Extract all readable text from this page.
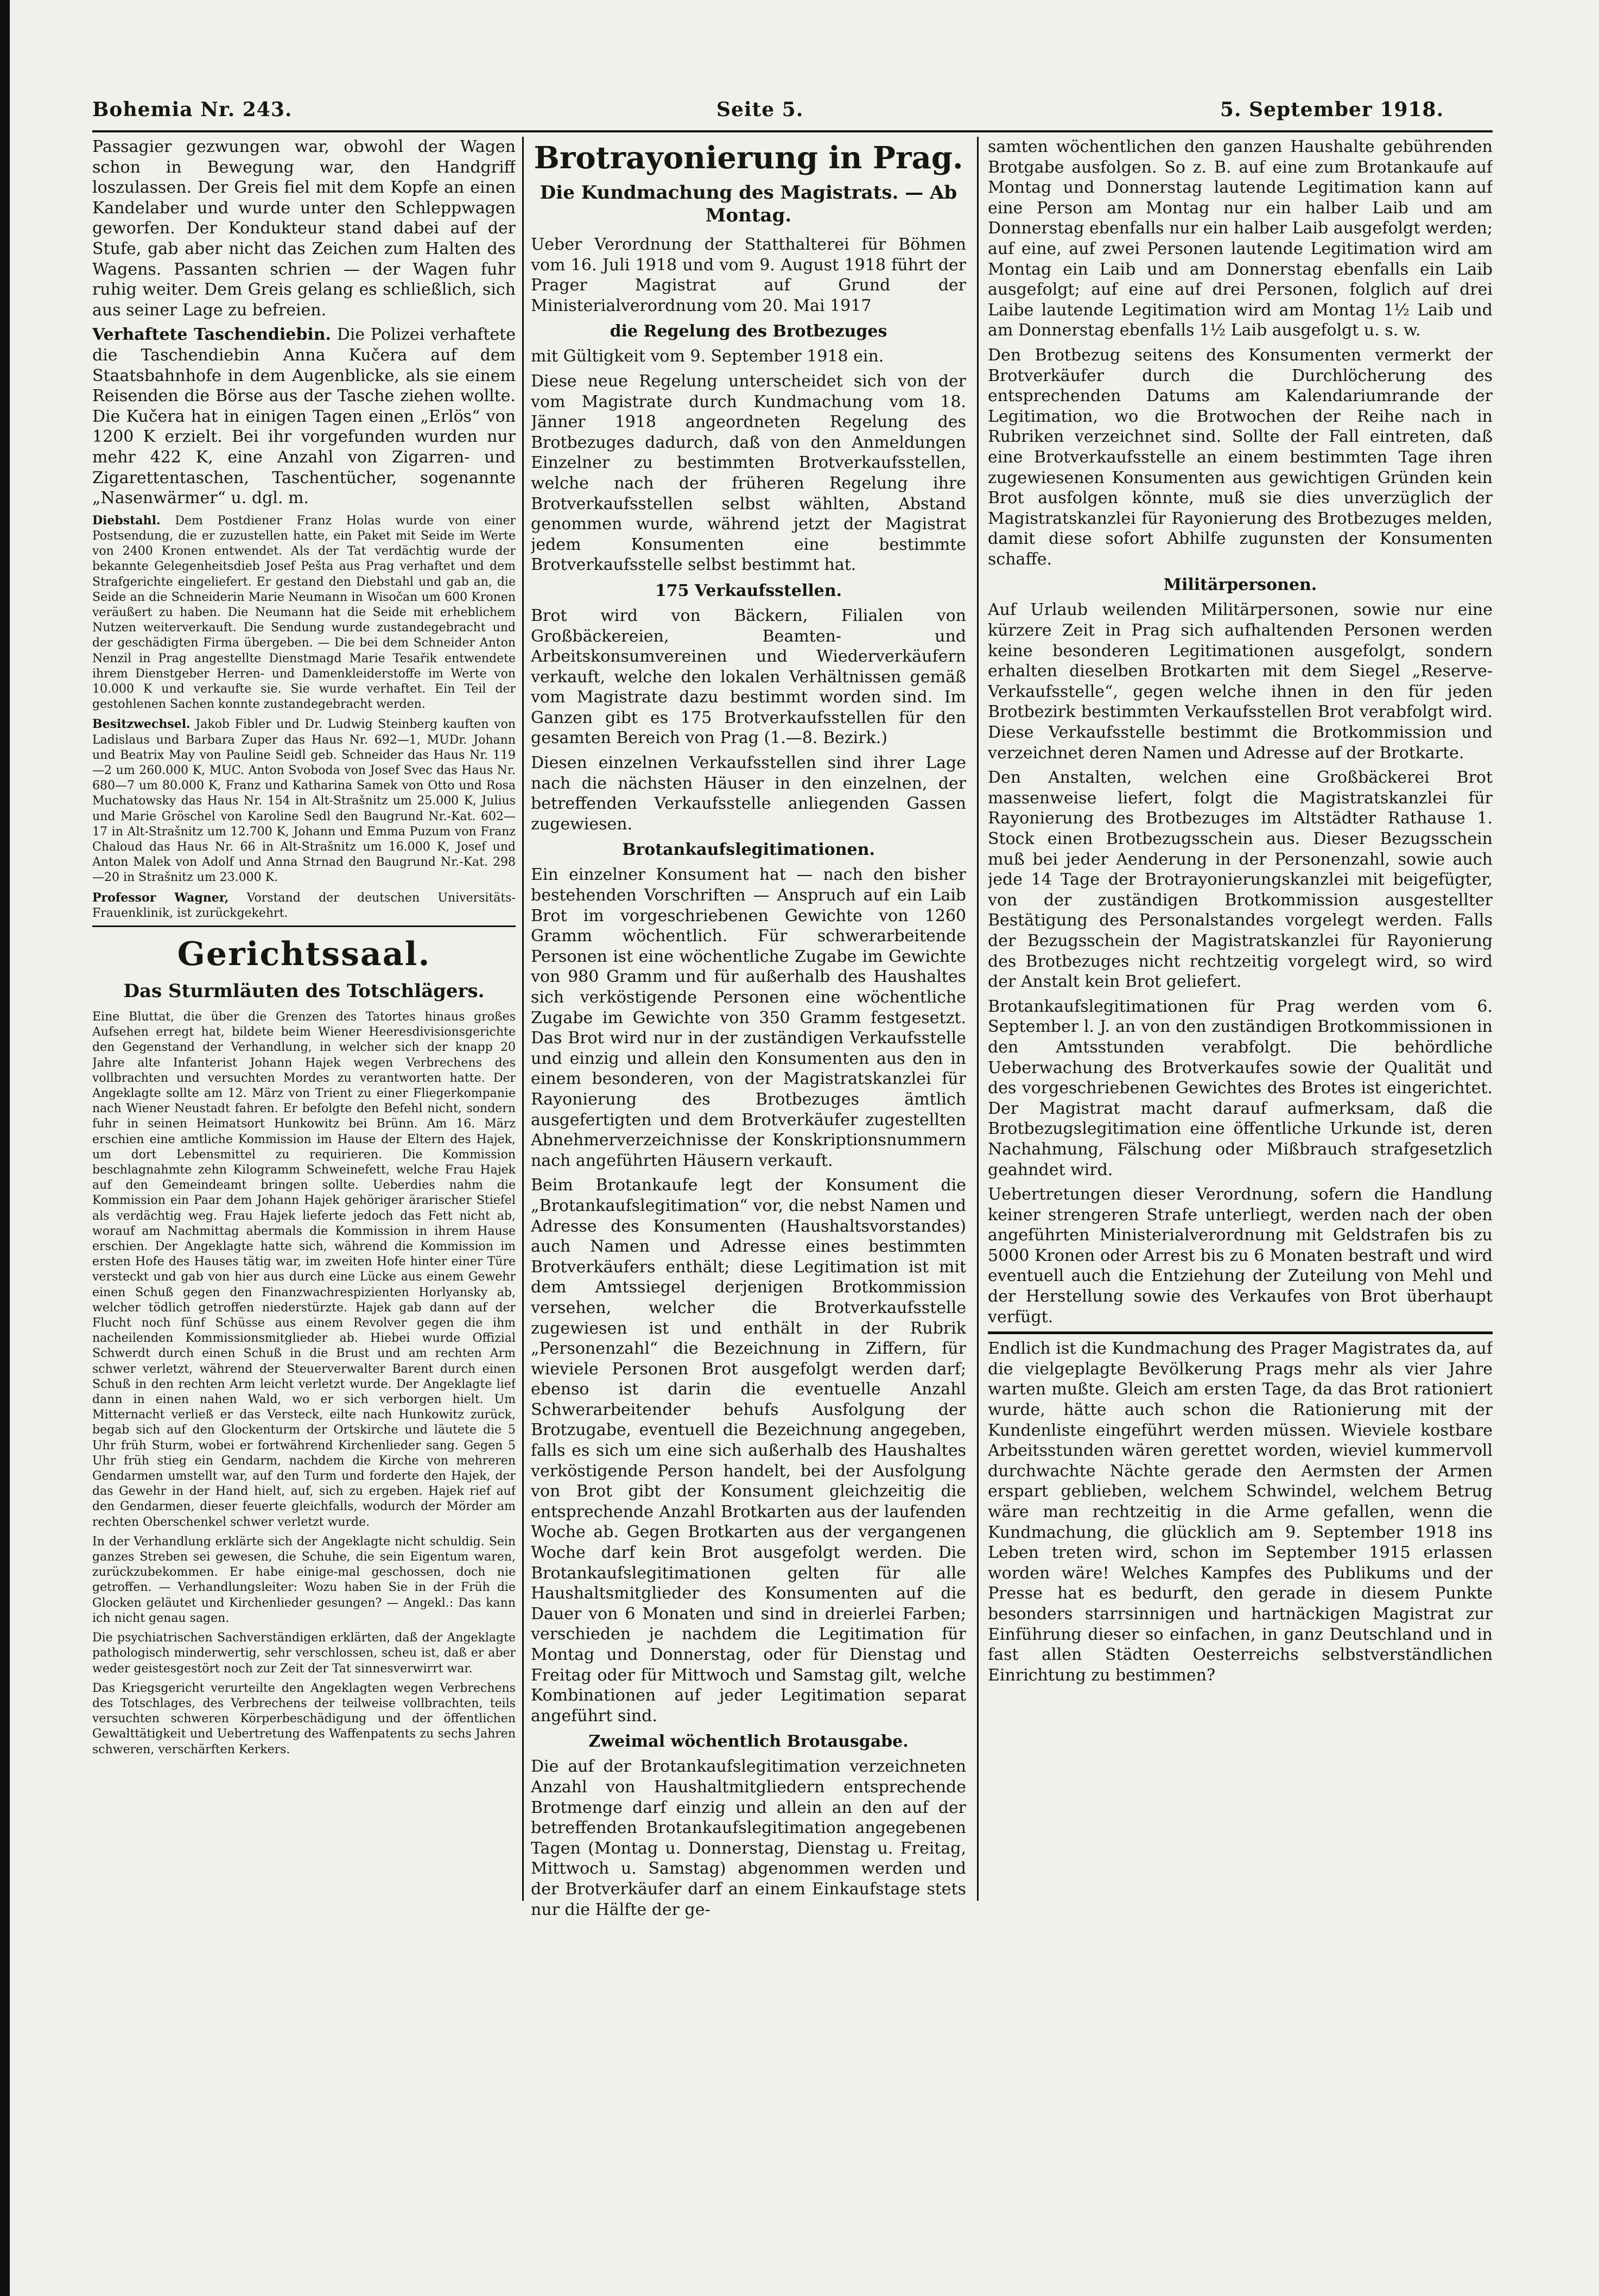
Bohemia Nr. 243.	Seite 5.	5. September 1918.

Passagier gezwungen war, obwohl der Wagen schon in Bewegung war, den Handgriff loszulassen. Der Greis fiel mit dem Kopfe an einen Kandelaber und wurde unter den Schleppwagen geworfen. Der Kondukteur stand dabei auf der Stufe, gab aber nicht das Zeichen zum Halten des Wagens. Passanten schrien — der Wagen fuhr ruhig weiter. Dem Greis gelang es schließlich, sich aus seiner Lage zu befreien.

Verhaftete Taschendiebin. Die Polizei verhaftete die Taschendiebin Anna Kučera auf dem Staatsbahnhofe in dem Augenblicke, als sie einem Reisenden die Börse aus der Tasche ziehen wollte. Die Kučera hat in einigen Tagen einen „Erlös“ von 1200 K erzielt. Bei ihr vorgefunden wurden nur mehr 422 K, eine Anzahl von Zigarren- und Zigarettentaschen, Taschentücher, sogenannte „Nasenwärmer“ u. dgl. m.

Diebstahl. Dem Postdiener Franz Holas wurde von einer Postsendung, die er zuzustellen hatte, ein Paket mit Seide im Werte von 2400 Kronen entwendet. Als der Tat verdächtig wurde der bekannte Gelegenheitsdieb Josef Pešta aus Prag verhaftet und dem Strafgerichte eingeliefert. Er gestand den Diebstahl und gab an, die Seide an die Schneiderin Marie Neumann in Wisočan um 600 Kronen veräußert zu haben. Die Neumann hat die Seide mit erheblichem Nutzen weiterverkauft. Die Sendung wurde zustandegebracht und der geschädigten Firma übergeben. — Die bei dem Schneider Anton Nenzil in Prag angestellte Dienstmagd Marie Tesařik entwendete ihrem Dienstgeber Herren- und Damenkleiderstoffe im Werte von 10.000 K und verkaufte sie. Sie wurde verhaftet. Ein Teil der gestohlenen Sachen konnte zustandegebracht werden.

Besitzwechsel. Jakob Fibler und Dr. Ludwig Steinberg kauften von Ladislaus und Barbara Zuper das Haus Nr. 692—1, MUDr. Johann und Beatrix May von Pauline Seidl geb. Schneider das Haus Nr. 119—2 um 260.000 K, MUC. Anton Svoboda von Josef Svec das Haus Nr. 680—7 um 80.000 K, Franz und Katharina Samek von Otto und Rosa Muchatowsky das Haus Nr. 154 in Alt-Strašnitz um 25.000 K, Julius und Marie Gröschel von Karoline Sedl den Baugrund Nr.-Kat. 602—17 in Alt-Strašnitz um 12.700 K, Johann und Emma Puzum von Franz Chaloud das Haus Nr. 66 in Alt-Strašnitz um 16.000 K, Josef und Anton Malek von Adolf und Anna Strnad den Baugrund Nr.-Kat. 298—20 in Strašnitz um 23.000 K.

Professor Wagner, Vorstand der deutschen Universitäts-Frauenklinik, ist zurückgekehrt.

Gerichtssaal.
Das Sturmläuten des Totschlägers.

Eine Bluttat, die über die Grenzen des Tatortes hinaus großes Aufsehen erregt hat, bildete beim Wiener Heeresdivisionsgerichte den Gegenstand der Verhandlung, in welcher sich der knapp 20 Jahre alte Infanterist Johann Hajek wegen Verbrechens des vollbrachten und versuchten Mordes zu verantworten hatte. Der Angeklagte sollte am 12. März von Trient zu einer Fliegerkompanie nach Wiener Neustadt fahren. Er befolgte den Befehl nicht, sondern fuhr in seinen Heimatsort Hunkowitz bei Brünn. Am 16. März erschien eine amtliche Kommission im Hause der Eltern des Hajek, um dort Lebensmittel zu requirieren. Die Kommission beschlagnahmte zehn Kilogramm Schweinefett, welche Frau Hajek auf den Gemeindeamt bringen sollte. Ueberdies nahm die Kommission ein Paar dem Johann Hajek gehöriger ärarischer Stiefel als verdächtig weg. Frau Hajek lieferte jedoch das Fett nicht ab, worauf am Nachmittag abermals die Kommission in ihrem Hause erschien. Der Angeklagte hatte sich, während die Kommission im ersten Hofe des Hauses tätig war, im zweiten Hofe hinter einer Türe versteckt und gab von hier aus durch eine Lücke aus einem Gewehr einen Schuß gegen den Finanzwachrespizienten Horlyansky ab, welcher tödlich getroffen niederstürzte. Hajek gab dann auf der Flucht noch fünf Schüsse aus einem Revolver gegen die ihm nacheilenden Kommissionsmitglieder ab. Hiebei wurde Offizial Schwerdt durch einen Schuß in die Brust und am rechten Arm schwer verletzt, während der Steuerverwalter Barent durch einen Schuß in den rechten Arm leicht verletzt wurde. Der Angeklagte lief dann in einen nahen Wald, wo er sich verborgen hielt. Um Mitternacht verließ er das Versteck, eilte nach Hunkowitz zurück, begab sich auf den Glockenturm der Ortskirche und läutete die 5 Uhr früh Sturm, wobei er fortwährend Kirchenlieder sang. Gegen 5 Uhr früh stieg ein Gendarm, nachdem die Kirche von mehreren Gendarmen umstellt war, auf den Turm und forderte den Hajek, der das Gewehr in der Hand hielt, auf, sich zu ergeben. Hajek rief auf den Gendarmen, dieser feuerte gleichfalls, wodurch der Mörder am rechten Oberschenkel schwer verletzt wurde.

In der Verhandlung erklärte sich der Angeklagte nicht schuldig. Sein ganzes Streben sei gewesen, die Schuhe, die sein Eigentum waren, zurückzubekommen. Er habe einige-mal geschossen, doch nie getroffen. — Verhandlungsleiter: Wozu haben Sie in der Früh die Glocken geläutet und Kirchenlieder gesungen? — Angekl.: Das kann ich nicht genau sagen.

Die psychiatrischen Sachverständigen erklärten, daß der Angeklagte pathologisch minderwertig, sehr verschlossen, scheu ist, daß er aber weder geistesgestört noch zur Zeit der Tat sinnesverwirrt war.

Das Kriegsgericht verurteilte den Angeklagten wegen Verbrechens des Totschlages, des Verbrechens der teilweise vollbrachten, teils versuchten schweren Körperbeschädigung und der öffentlichen Gewalttätigkeit und Uebertretung des Waffenpatents zu sechs Jahren schweren, verschärften Kerkers.

Brotrayonierung in Prag.
Die Kundmachung des Magistrats. — Ab Montag.

Ueber Verordnung der Statthalterei für Böhmen vom 16. Juli 1918 und vom 9. August 1918 führt der Prager Magistrat auf Grund der Ministerialverordnung vom 20. Mai 1917

die Regelung des Brotbezuges

mit Gültigkeit vom 9. September 1918 ein.

Diese neue Regelung unterscheidet sich von der vom Magistrate durch Kundmachung vom 18. Jänner 1918 angeordneten Regelung des Brotbezuges dadurch, daß von den Anmeldungen Einzelner zu bestimmten Brotverkaufsstellen, welche nach der früheren Regelung ihre Brotverkaufsstellen selbst wählten, Abstand genommen wurde, während jetzt der Magistrat jedem Konsumenten eine bestimmte Brotverkaufsstelle selbst bestimmt hat.

175 Verkaufsstellen.

Brot wird von Bäckern, Filialen von Großbäckereien, Beamten- und Arbeitskonsumvereinen und Wiederverkäufern verkauft, welche den lokalen Verhältnissen gemäß vom Magistrate dazu bestimmt worden sind. Im Ganzen gibt es 175 Brotverkaufsstellen für den gesamten Bereich von Prag (1.—8. Bezirk.)

Diesen einzelnen Verkaufsstellen sind ihrer Lage nach die nächsten Häuser in den einzelnen, der betreffenden Verkaufsstelle anliegenden Gassen zugewiesen.

Brotankaufslegitimationen.

Ein einzelner Konsument hat — nach den bisher bestehenden Vorschriften — Anspruch auf ein Laib Brot im vorgeschriebenen Gewichte von 1260 Gramm wöchentlich. Für schwerarbeitende Personen ist eine wöchentliche Zugabe im Gewichte von 980 Gramm und für außerhalb des Haushaltes sich verköstigende Personen eine wöchentliche Zugabe im Gewichte von 350 Gramm festgesetzt. Das Brot wird nur in der zuständigen Verkaufsstelle und einzig und allein den Konsumenten aus den in einem besonderen, von der Magistratskanzlei für Rayonierung des Brotbezuges ämtlich ausgefertigten und dem Brotverkäufer zugestellten Abnehmerverzeichnisse der Konskriptionsnummern nach angeführten Häusern verkauft.

Beim Brotankaufe legt der Konsument die „Brotankaufslegitimation“ vor, die nebst Namen und Adresse des Konsumenten (Haushaltsvorstandes) auch Namen und Adresse eines bestimmten Brotverkäufers enthält; diese Legitimation ist mit dem Amtssiegel derjenigen Brotkommission versehen, welcher die Brotverkaufsstelle zugewiesen ist und enthält in der Rubrik „Personenzahl“ die Bezeichnung in Ziffern, für wieviele Personen Brot ausgefolgt werden darf; ebenso ist darin die eventuelle Anzahl Schwerarbeitender behufs Ausfolgung der Brotzugabe, eventuell die Bezeichnung angegeben, falls es sich um eine sich außerhalb des Haushaltes verköstigende Person handelt, bei der Ausfolgung von Brot gibt der Konsument gleichzeitig die entsprechende Anzahl Brotkarten aus der laufenden Woche ab. Gegen Brotkarten aus der vergangenen Woche darf kein Brot ausgefolgt werden. Die Brotankaufslegitimationen gelten für alle Haushaltsmitglieder des Konsumenten auf die Dauer von 6 Monaten und sind in dreierlei Farben; verschieden je nachdem die Legitimation für Montag und Donnerstag, oder für Dienstag und Freitag oder für Mittwoch und Samstag gilt, welche Kombinationen auf jeder Legitimation separat angeführt sind.

Zweimal wöchentlich Brotausgabe.

Die auf der Brotankaufslegitimation verzeichneten Anzahl von Haushaltmitgliedern entsprechende Brotmenge darf einzig und allein an den auf der betreffenden Brotankaufslegitimation angegebenen Tagen (Montag u. Donnerstag, Dienstag u. Freitag, Mittwoch u. Samstag) abgenommen werden und der Brotverkäufer darf an einem Einkaufstage stets nur die Hälfte der ge-

samten wöchentlichen den ganzen Haushalte gebührenden Brotgabe ausfolgen. So z. B. auf eine zum Brotankaufe auf Montag und Donnerstag lautende Legitimation kann auf eine Person am Montag nur ein halber Laib und am Donnerstag ebenfalls nur ein halber Laib ausgefolgt werden; auf eine, auf zwei Personen lautende Legitimation wird am Montag ein Laib und am Donnerstag ebenfalls ein Laib ausgefolgt; auf eine auf drei Personen, folglich auf drei Laibe lautende Legitimation wird am Montag 1½ Laib und am Donnerstag ebenfalls 1½ Laib ausgefolgt u. s. w.

Den Brotbezug seitens des Konsumenten vermerkt der Brotverkäufer durch die Durchlöcherung des entsprechenden Datums am Kalendariumrande der Legitimation, wo die Brotwochen der Reihe nach in Rubriken verzeichnet sind. Sollte der Fall eintreten, daß eine Brotverkaufsstelle an einem bestimmten Tage ihren zugewiesenen Konsumenten aus gewichtigen Gründen kein Brot ausfolgen könnte, muß sie dies unverzüglich der Magistratskanzlei für Rayonierung des Brotbezuges melden, damit diese sofort Abhilfe zugunsten der Konsumenten schaffe.

Militärpersonen.

Auf Urlaub weilenden Militärpersonen, sowie nur eine kürzere Zeit in Prag sich aufhaltenden Personen werden keine besonderen Legitimationen ausgefolgt, sondern erhalten dieselben Brotkarten mit dem Siegel „Reserve-Verkaufsstelle“, gegen welche ihnen in den für jeden Brotbezirk bestimmten Verkaufsstellen Brot verabfolgt wird. Diese Verkaufsstelle bestimmt die Brotkommission und verzeichnet deren Namen und Adresse auf der Brotkarte.

Den Anstalten, welchen eine Großbäckerei Brot massenweise liefert, folgt die Magistratskanzlei für Rayonierung des Brotbezuges im Altstädter Rathause 1. Stock einen Brotbezugsschein aus. Dieser Bezugsschein muß bei jeder Aenderung in der Personenzahl, sowie auch jede 14 Tage der Brotrayonierungskanzlei mit beigefügter, von der zuständigen Brotkommission ausgestellter Bestätigung des Personalstandes vorgelegt werden. Falls der Bezugsschein der Magistratskanzlei für Rayonierung des Brotbezuges nicht rechtzeitig vorgelegt wird, so wird der Anstalt kein Brot geliefert.

Brotankaufslegitimationen für Prag werden vom 6. September l. J. an von den zuständigen Brotkommissionen in den Amtsstunden verabfolgt. Die behördliche Ueberwachung des Brotverkaufes sowie der Qualität und des vorgeschriebenen Gewichtes des Brotes ist eingerichtet. Der Magistrat macht darauf aufmerksam, daß die Brotbezugslegitimation eine öffentliche Urkunde ist, deren Nachahmung, Fälschung oder Mißbrauch strafgesetzlich geahndet wird.

Uebertretungen dieser Verordnung, sofern die Handlung keiner strengeren Strafe unterliegt, werden nach der oben angeführten Ministerialverordnung mit Geldstrafen bis zu 5000 Kronen oder Arrest bis zu 6 Monaten bestraft und wird eventuell auch die Entziehung der Zuteilung von Mehl und der Herstellung sowie des Verkaufes von Brot überhaupt verfügt.

Endlich ist die Kundmachung des Prager Magistrates da, auf die vielgeplagte Bevölkerung Prags mehr als vier Jahre warten mußte. Gleich am ersten Tage, da das Brot rationiert wurde, hätte auch schon die Rationierung mit der Kundenliste eingeführt werden müssen. Wieviele kostbare Arbeitsstunden wären gerettet worden, wieviel kummervoll durchwachte Nächte gerade den Aermsten der Armen erspart geblieben, welchem Schwindel, welchem Betrug wäre man rechtzeitig in die Arme gefallen, wenn die Kundmachung, die glücklich am 9. September 1918 ins Leben treten wird, schon im September 1915 erlassen worden wäre! Welches Kampfes des Publikums und der Presse hat es bedurft, den gerade in diesem Punkte besonders starrsinnigen und hartnäckigen Magistrat zur Einführung dieser so einfachen, in ganz Deutschland und in fast allen Städten Oesterreichs selbstverständlichen Einrichtung zu bestimmen?
